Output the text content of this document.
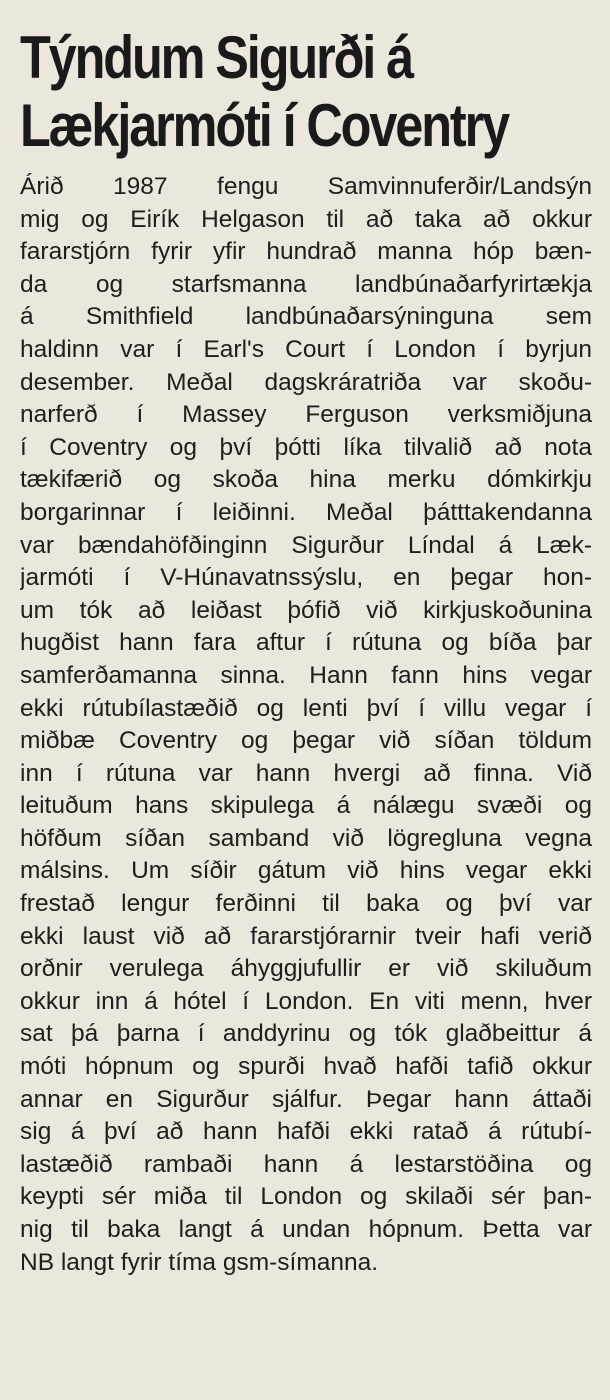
Týndum Sigurði á
Lækjarmóti í Coventry
Árið 1987 fengu Samvinnuferðir/Landsýn
mig og Eirík Helgason til að taka að okkur
fararstjórn fyrir yfir hundrað manna hóp bæn-
da og starfsmanna landbúnaðarfyrirtækja
á Smithfield landbúnaðarsýninguna sem
haldinn var í Earl's Court í London í byrjun
desember. Meðal dagskráratriða var skoðu-
narferð í Massey Ferguson verksmiðjuna
í Coventry og því þótti líka tilvalið að nota
tækifærið og skoða hina merku dómkirkju
borgarinnar í leiðinni. Meðal þátttakendanna
var bændahöfðinginn Sigurður Líndal á Læk-
jarmóti í V-Húnavatnssýslu, en þegar hon-
um tók að leiðast þófið við kirkjuskoðunina
hugðist hann fara aftur í rútuna og bíða þar
samferðamanna sinna. Hann fann hins vegar
ekki rútubílastæðið og lenti því í villu vegar í
miðbæ Coventry og þegar við síðan töldum
inn í rútuna var hann hvergi að finna. Við
leituðum hans skipulega á nálægu svæði og
höfðum síðan samband við lögregluna vegna
málsins. Um síðir gátum við hins vegar ekki
frestað lengur ferðinni til baka og því var
ekki laust við að fararstjórarnir tveir hafi verið
orðnir verulega áhyggjufullir er við skiluðum
okkur inn á hótel í London. En viti menn, hver
sat þá þarna í anddyrinu og tók glaðbeittur á
móti hópnum og spurði hvað hafði tafið okkur
annar en Sigurður sjálfur. Þegar hann áttaði
sig á því að hann hafði ekki ratað á rútubí-
lastæðið rambaði hann á lestarstöðina og
keypti sér miða til London og skilaði sér þan-
nig til baka langt á undan hópnum. Þetta var
NB langt fyrir tíma gsm-símanna.
